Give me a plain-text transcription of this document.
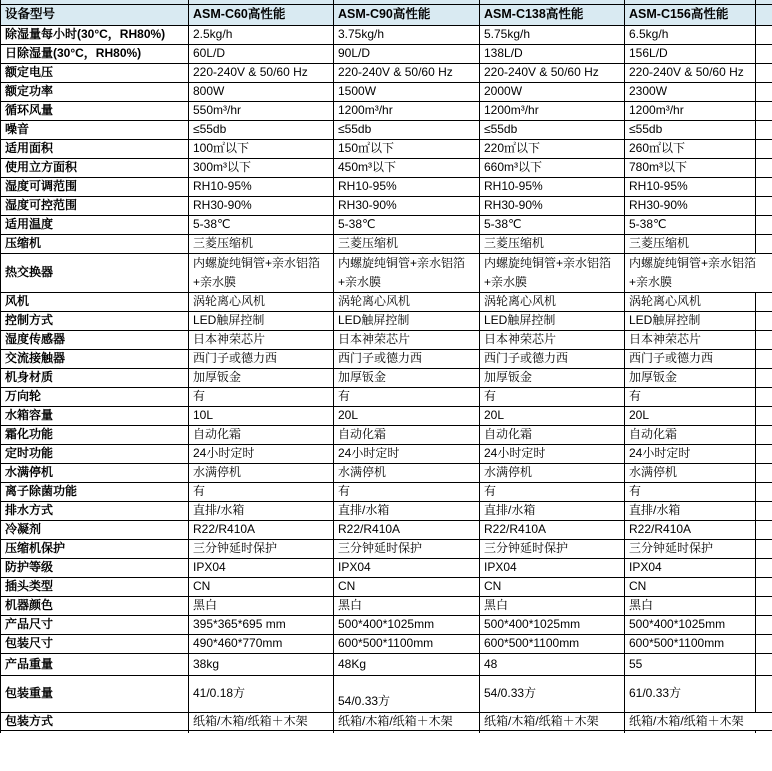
设备型号	ASM-C60高性能	ASM-C90高性能	ASM-C138高性能	ASM-C156高性能	
除湿量每小时(30°C，RH80%)	2.5kg/h	3.75kg/h	5.75kg/h	6.5kg/h	

日除湿量(30°C，RH80%)	60L/D	90L/D	138L/D	156L/D	

额定电压	220-240V & 50/60 Hz	220-240V & 50/60 Hz	220-240V & 50/60 Hz	220-240V & 50/60 Hz	

额定功率	800W	1500W	2000W	2300W	

循环风量	550m³/hr	1200m³/hr	1200m³/hr	1200m³/hr	

噪音	≤55db	≤55db	≤55db	≤55db	

适用面积	100㎡以下	150㎡以下	220㎡以下	260㎡以下	

使用立方面积	300m³以下	450m³以下	660m³以下	780m³以下	

湿度可调范围	RH10-95%	RH10-95%	RH10-95%	RH10-95%	

湿度可控范围	RH30-90%	RH30-90%	RH30-90%	RH30-90%	

适用温度	5-38℃	5-38℃	5-38℃	5-38℃	

压缩机	三菱压缩机	三菱压缩机	三菱压缩机	三菱压缩机	

热交换器	内螺旋纯铜管+亲水铝箔+亲水膜	内螺旋纯铜管+亲水铝箔+亲水膜	内螺旋纯铜管+亲水铝箔+亲水膜	内螺旋纯铜管+亲水铝箔+亲水膜	

风机	涡轮离心风机	涡轮离心风机	涡轮离心风机	涡轮离心风机	

控制方式	LED触屏控制	LED触屏控制	LED触屏控制	LED触屏控制	

湿度传感器	日本神荣芯片	日本神荣芯片	日本神荣芯片	日本神荣芯片	

交流接触器	西门子或德力西	西门子或德力西	西门子或德力西	西门子或德力西	

机身材质	加厚钣金	加厚钣金	加厚钣金	加厚钣金	

万向轮	有	有	有	有	

水箱容量	10L	20L	20L	20L	

霜化功能	自动化霜	自动化霜	自动化霜	自动化霜	

定时功能	24小时定时	24小时定时	24小时定时	24小时定时	

水满停机	水满停机	水满停机	水满停机	水满停机	

离子除菌功能	有	有	有	有	

排水方式	直排/水箱	直排/水箱	直排/水箱	直排/水箱	

冷凝剂	R22/R410A	R22/R410A	R22/R410A	R22/R410A	

压缩机保护	三分钟延时保护	三分钟延时保护	三分钟延时保护	三分钟延时保护	

防护等级	IPX04	IPX04	IPX04	IPX04	

插头类型	CN	CN	CN	CN	

机器颜色	黑白	黑白	黑白	黑白	

产品尺寸	395*365*695 mm	500*400*1025mm	500*400*1025mm	500*400*1025mm	

包装尺寸	490*460*770mm	600*500*1100mm	600*500*1100mm	600*500*1100mm	

产品重量	38kg	48Kg	48	55	

包装重量	41/0.18方	54/0.33方	54/0.33方	61/0.33方	

包装方式	纸箱/木箱/纸箱＋木架	纸箱/木箱/纸箱＋木架	纸箱/木箱/纸箱＋木架	纸箱/木箱/纸箱＋木架	
